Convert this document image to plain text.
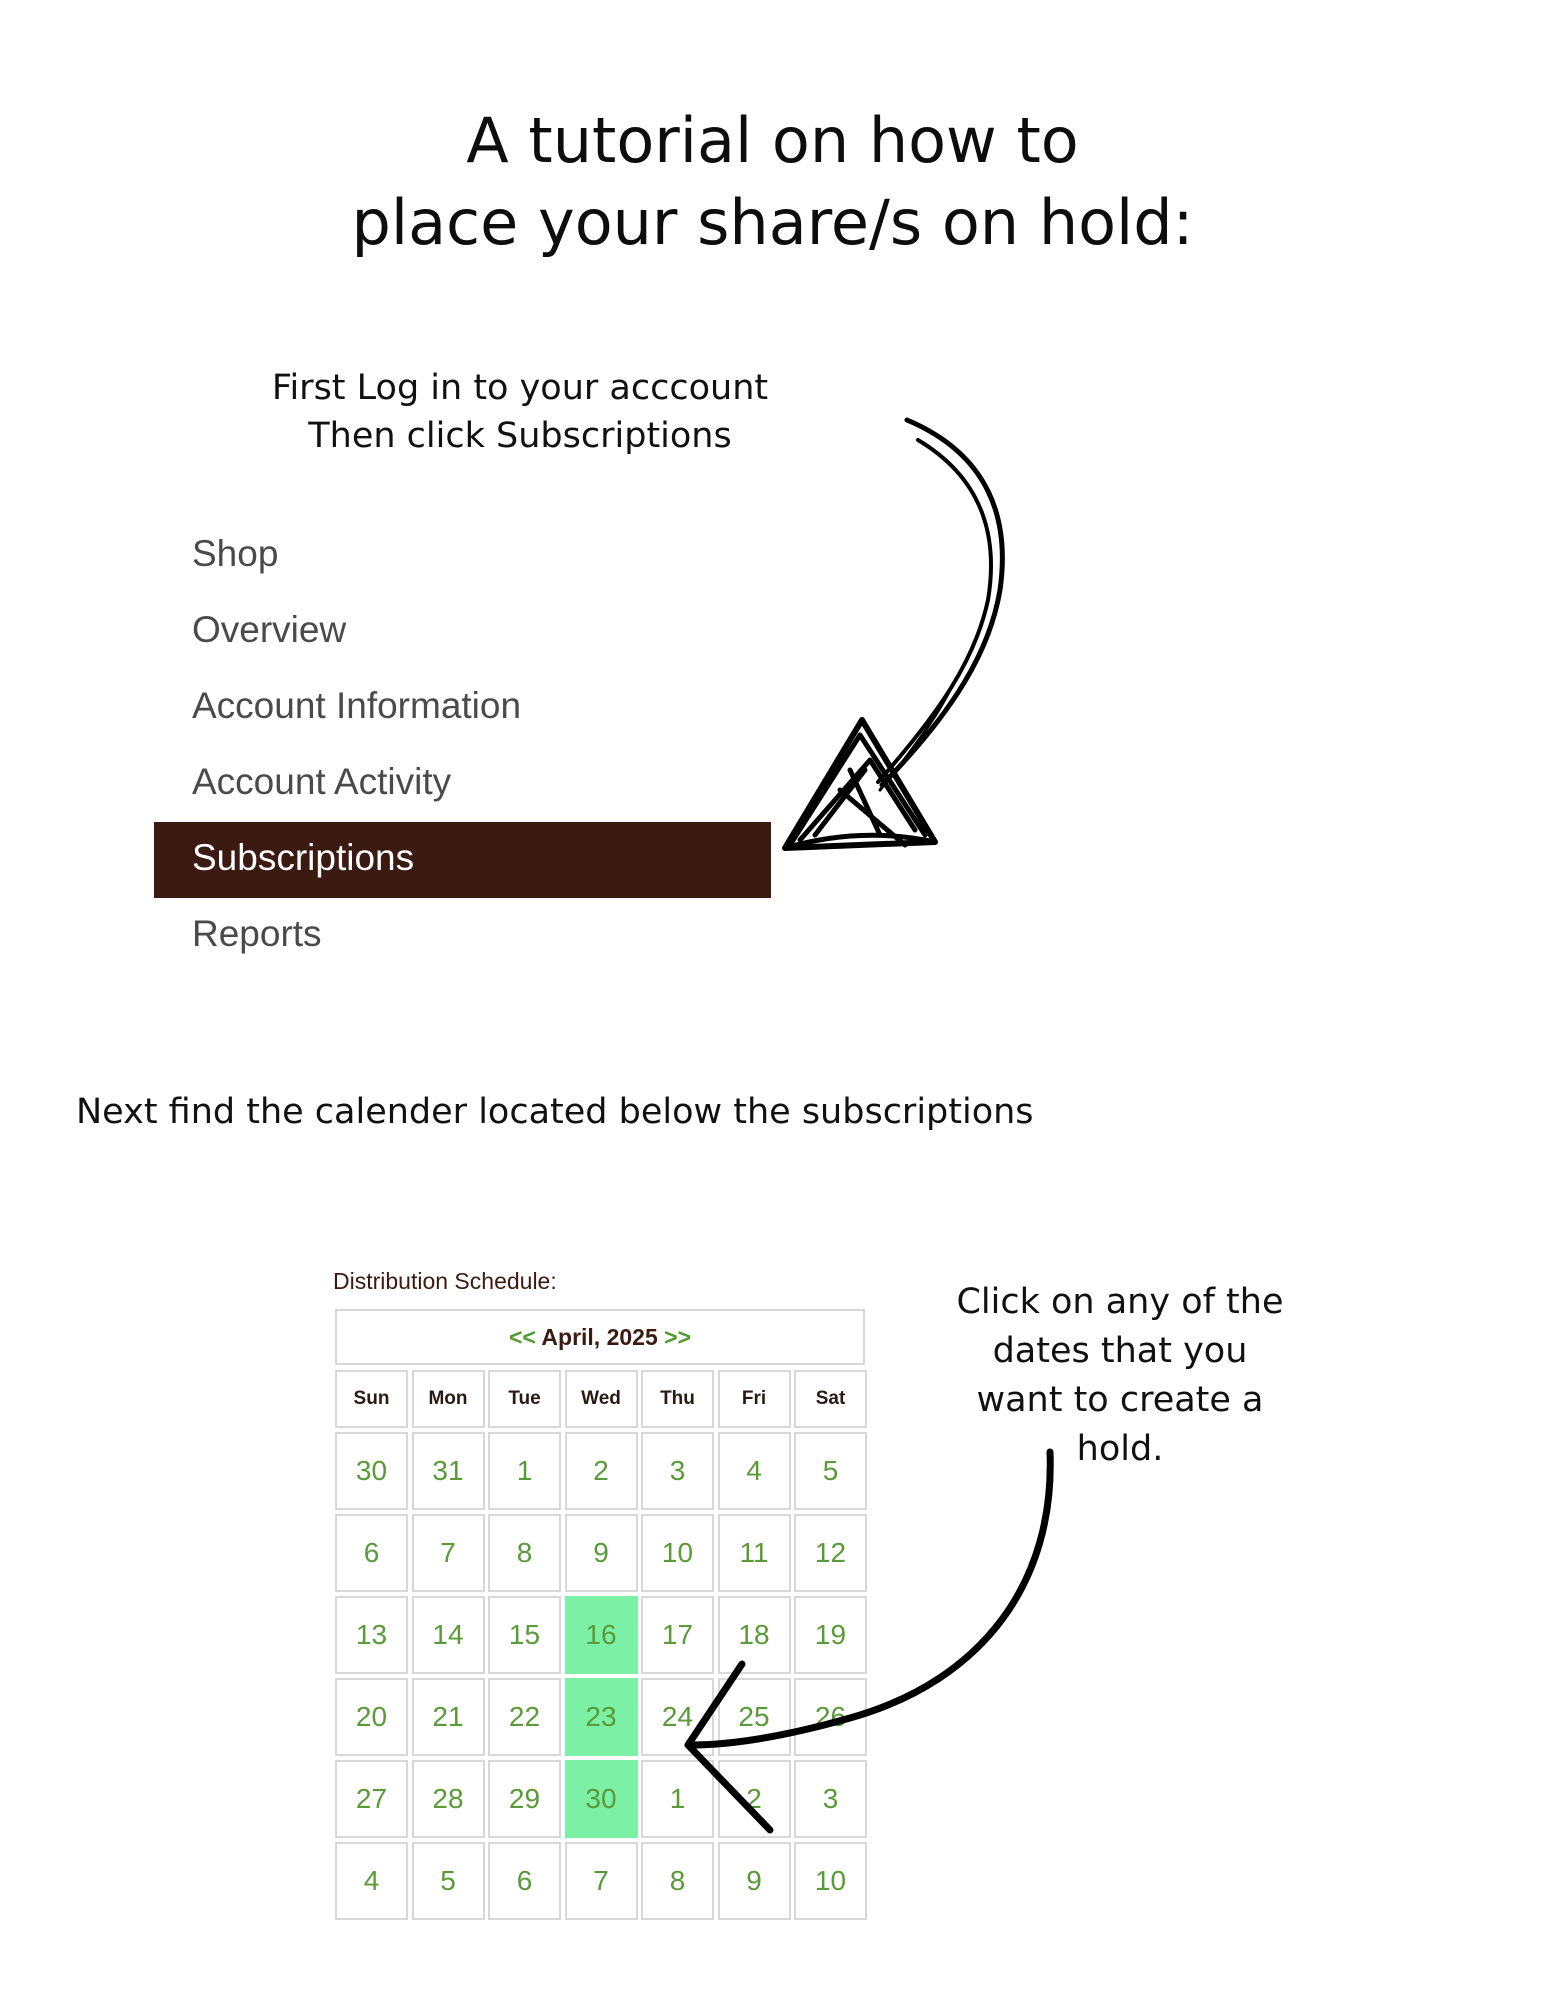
A tutorial on how to
place your share/s on hold:
First Log in to your acccount
Then click Subscriptions
Shop
Overview
Account Information
Account Activity
Subscriptions
Reports
Next find the calender located below the subscriptions
Distribution Schedule:
<< April, 2025 >>
Sun	Mon	Tue	Wed	Thu	Fri	Sat
30	31	1	2	3	4	5
6	7	8	9	10	11	12
13	14	15	16	17	18	19
20	21	22	23	24	25	26
27	28	29	30	1	2	3
4	5	6	7	8	9	10
Click on any of the
dates that you
want to create a
hold.
